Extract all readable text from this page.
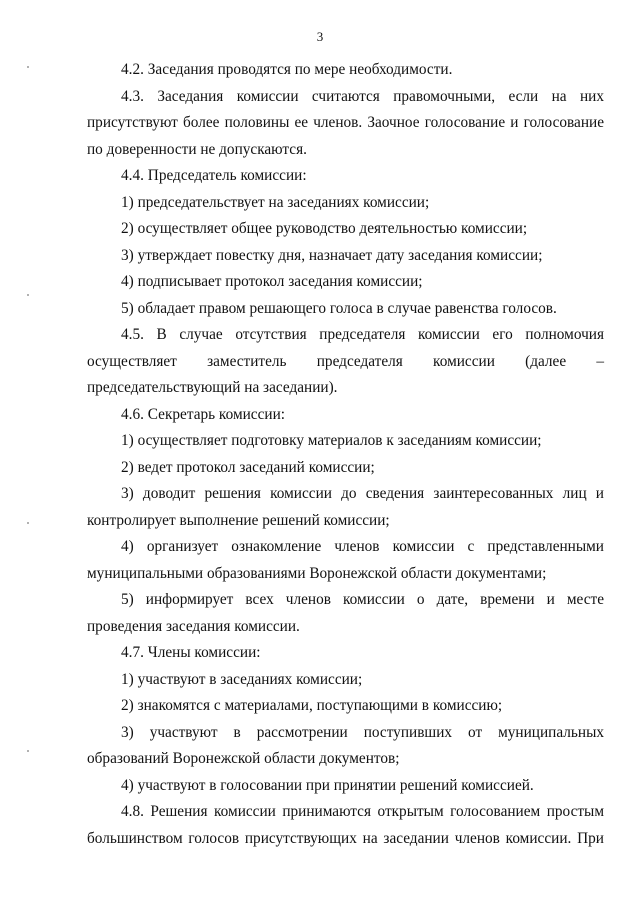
3

4.2. Заседания проводятся по мере необходимости.

4.3. Заседания комиссии считаются правомочными, если на них присутствуют более половины ее членов. Заочное голосование и голосование по доверенности не допускаются.

4.4. Председатель комиссии:

1) председательствует на заседаниях комиссии;

2) осуществляет общее руководство деятельностью комиссии;

3) утверждает повестку дня, назначает дату заседания комиссии;

4) подписывает протокол заседания комиссии;

5) обладает правом решающего голоса в случае равенства голосов.

4.5. В случае отсутствия председателя комиссии его полномочия осуществляет заместитель председателя комиссии (далее – председательствующий на заседании).

4.6. Секретарь комиссии:

1) осуществляет подготовку материалов к заседаниям комиссии;

2) ведет протокол заседаний комиссии;

3) доводит решения комиссии до сведения заинтересованных лиц и контролирует выполнение решений комиссии;

4) организует ознакомление членов комиссии с представленными муниципальными образованиями Воронежской области документами;

5) информирует всех членов комиссии о дате, времени и месте проведения заседания комиссии.

4.7. Члены комиссии:

1) участвуют в заседаниях комиссии;

2) знакомятся с материалами, поступающими в комиссию;

3) участвуют в рассмотрении поступивших от муниципальных образований Воронежской области документов;

4) участвуют в голосовании при принятии решений комиссией.

4.8. Решения комиссии принимаются открытым голосованием простым большинством голосов присутствующих на заседании членов комиссии. При
